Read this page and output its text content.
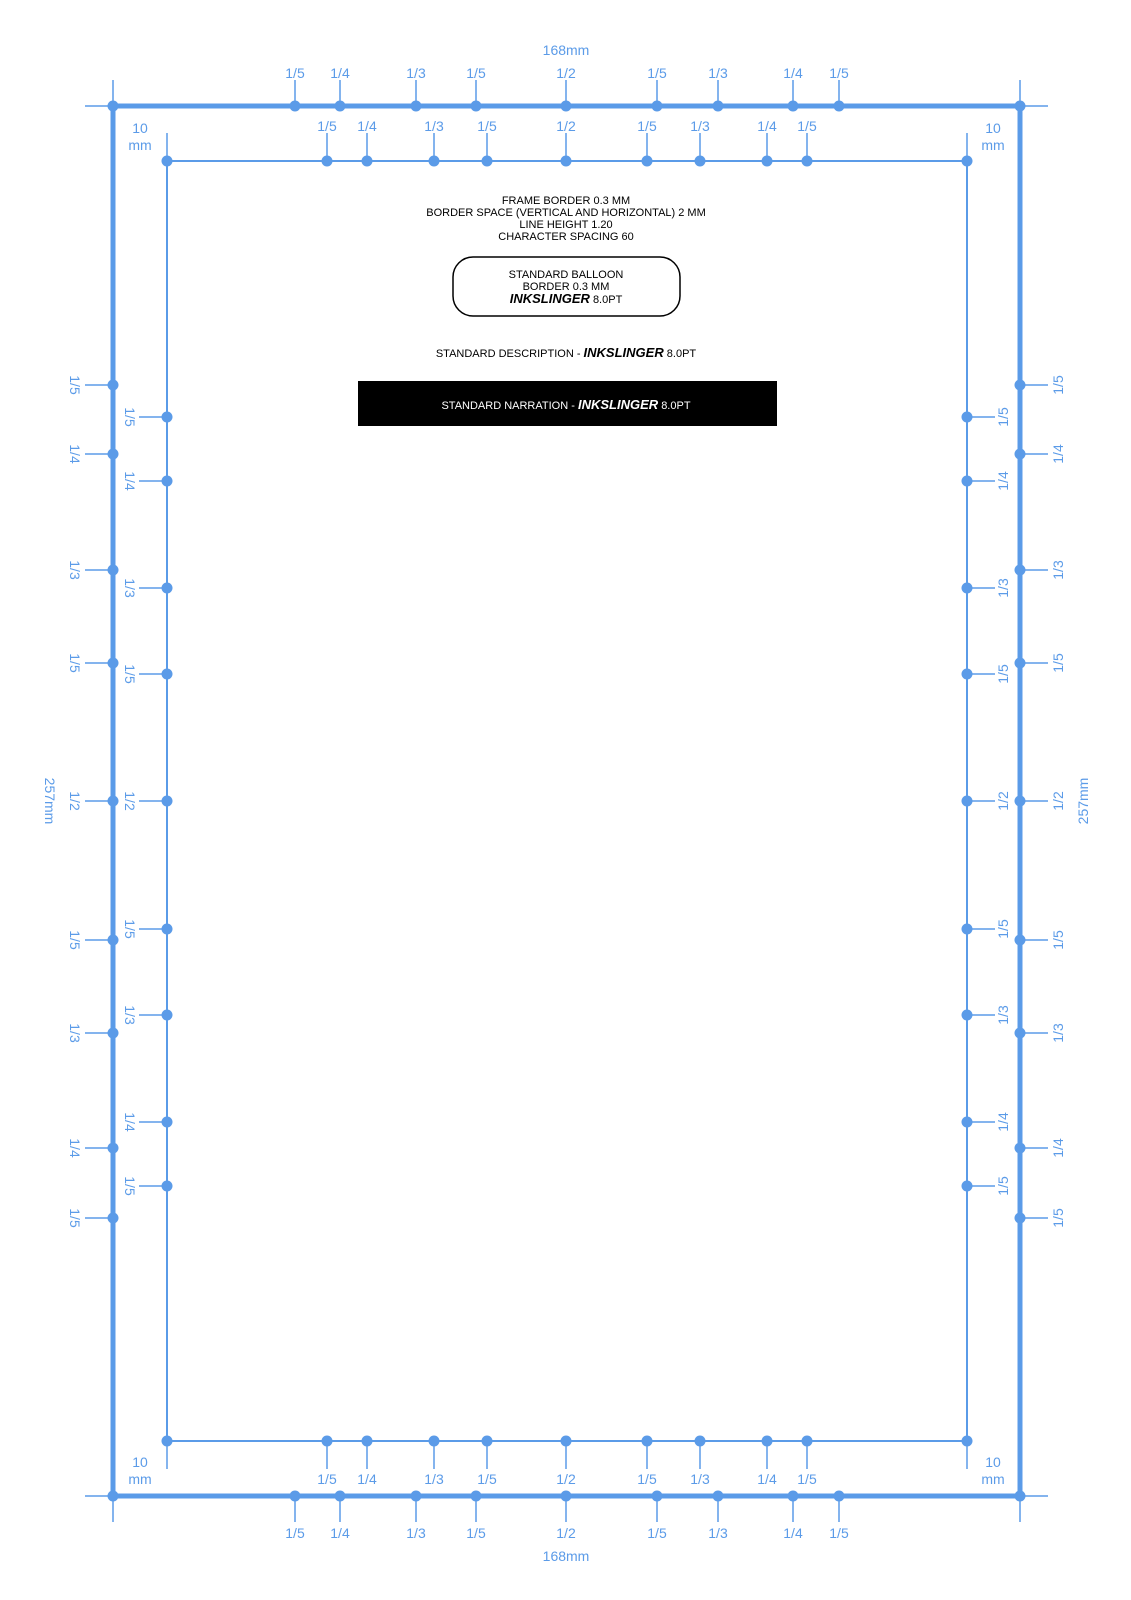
1/5 1/4	1/3	1/5	1/2	1/5	1/3	1/4 1/5
1/5 1/4	1/3	1/5	1/2	1/5	1/3	1/4 1/5
1/5
1/4
1/3
1/5
1/2
1/5
1/3
1/4
1/5
1/5
1/4
1/3
1/5
1/2
1/5
1/3
1/4
1/5
1/5 1/4	1/3 1/5	1/2	1/5 1/3	1/4 1/5
1/5 1/4	1/3 1/5	1/2	1/5 1/3	1/4 1/5
1/5
1/4
1/3
1/5
1/2
1/5
1/3
1/4
1/5
1/5
1/4
1/3
1/5
1/2
1/5
1/3
1/4
1/5
168mm
168mm
257mm	257mm
10
mm
10
mm
10
mm
10
mm
FRAME BORDER 0.3 MM
BORDER SPACE (VERTICAL AND HORIZONTAL) 2 MM
LINE HEIGHT 1.20
CHARACTER SPACING 60
STANDARD BALLOON
BORDER 0.3 MM
INKSLINGER 8.0PT
STANDARD DESCRIPTION - INKSLINGER 8.0PT
STANDARD NARRATION - INKSLINGER 8.0PT
